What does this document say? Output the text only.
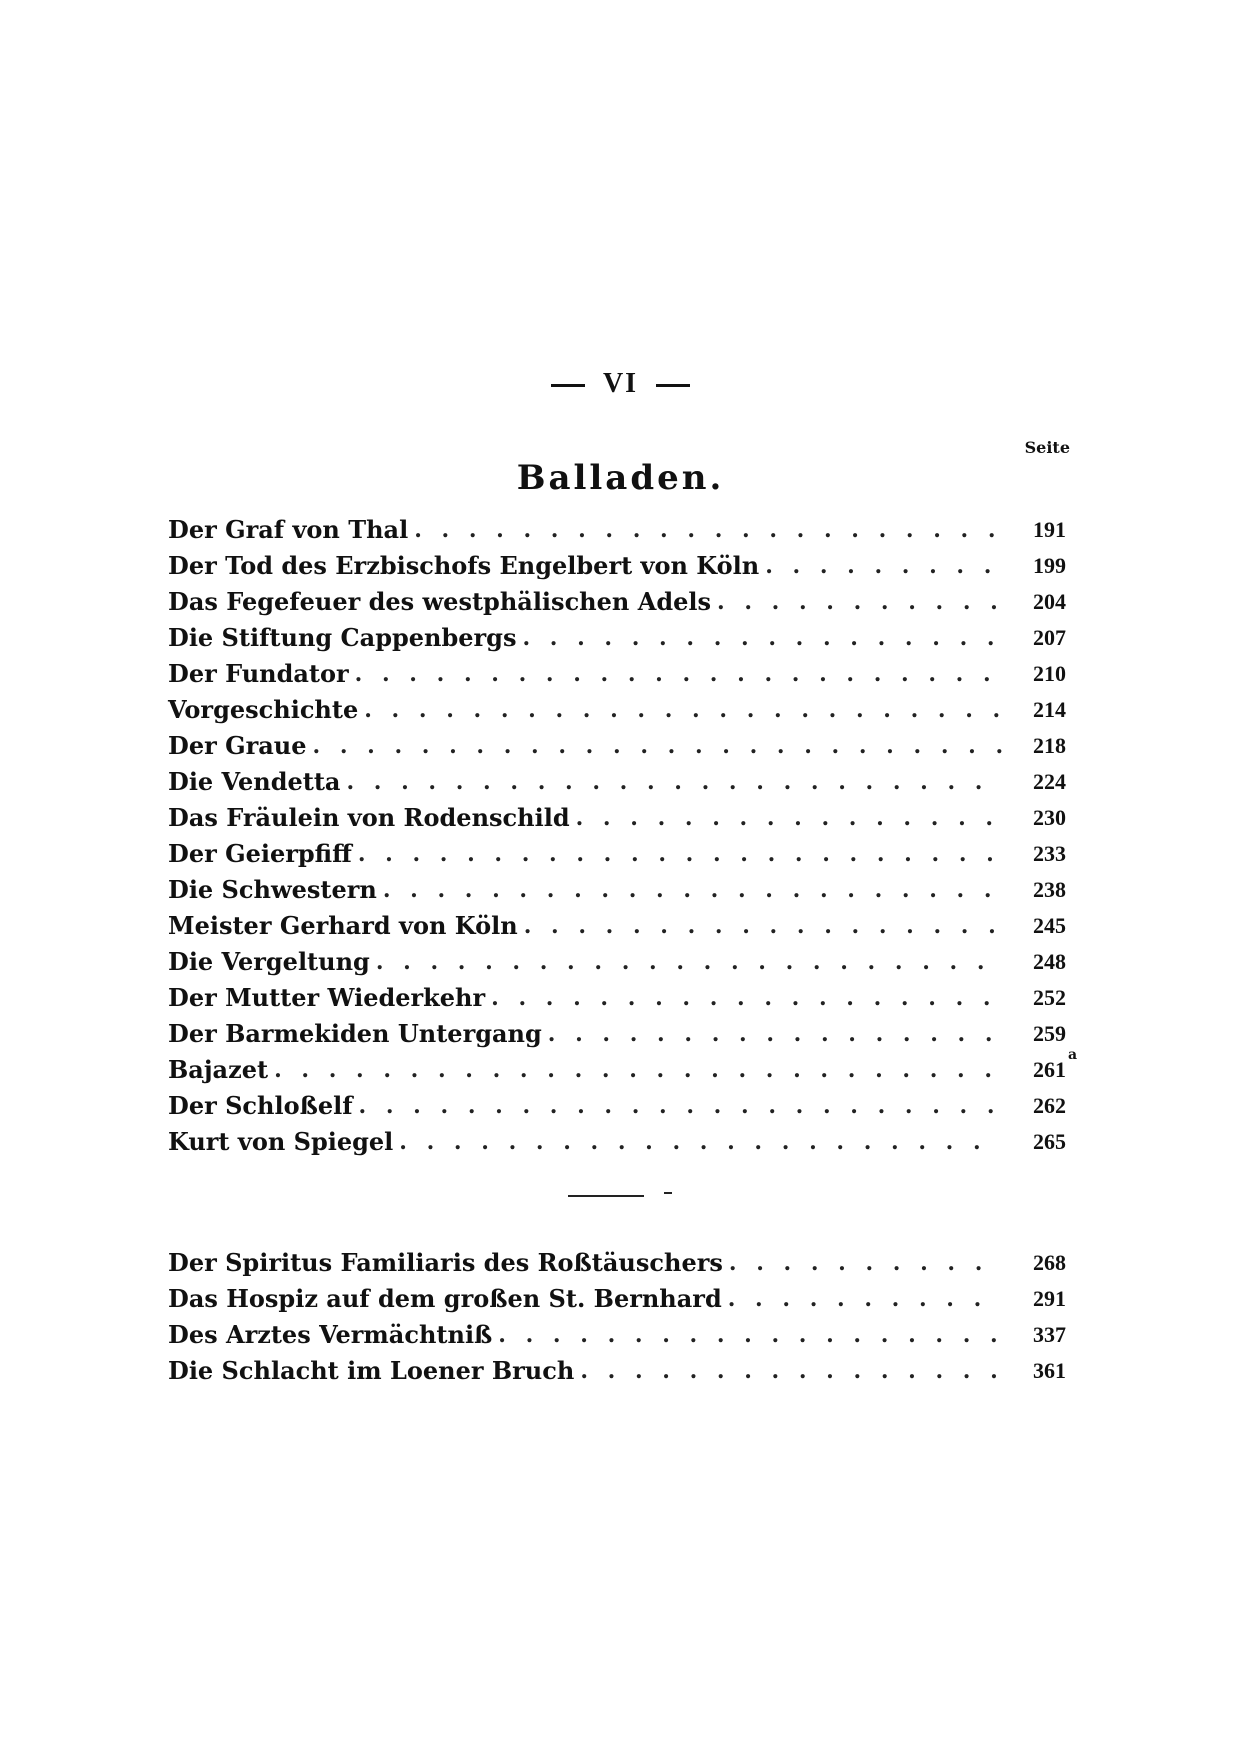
VI
Seite
Balladen.
Der Graf von Thal . . .	191
Der Tod des Erzbischofs Engelbert von Köln . . .	199
Das Fegefeuer des westphälischen Adels . . .	204
Die Stiftung Cappenbergs . . .	207
Der Fundator . . .	210
Vorgeschichte . . .	214
Der Graue . . .	218
Die Vendetta . . .	224
Das Fräulein von Rodenschild . . .	230
Der Geierpfiff . . .	233
Die Schwestern . . .	238
Meister Gerhard von Köln . . .	245
Die Vergeltung . . .	248
Der Mutter Wiederkehr . . .	252
Der Barmekiden Untergang . . .	259
Bajazet . . .	261
Der Schloßelf . . .	262
Kurt von Spiegel . . .	265
a
Der Spiritus Familiaris des Roßtäuschers . . .	268
Das Hospiz auf dem großen St. Bernhard . . .	291
Des Arztes Vermächtniß . . .	337
Die Schlacht im Loener Bruch . . .	361
